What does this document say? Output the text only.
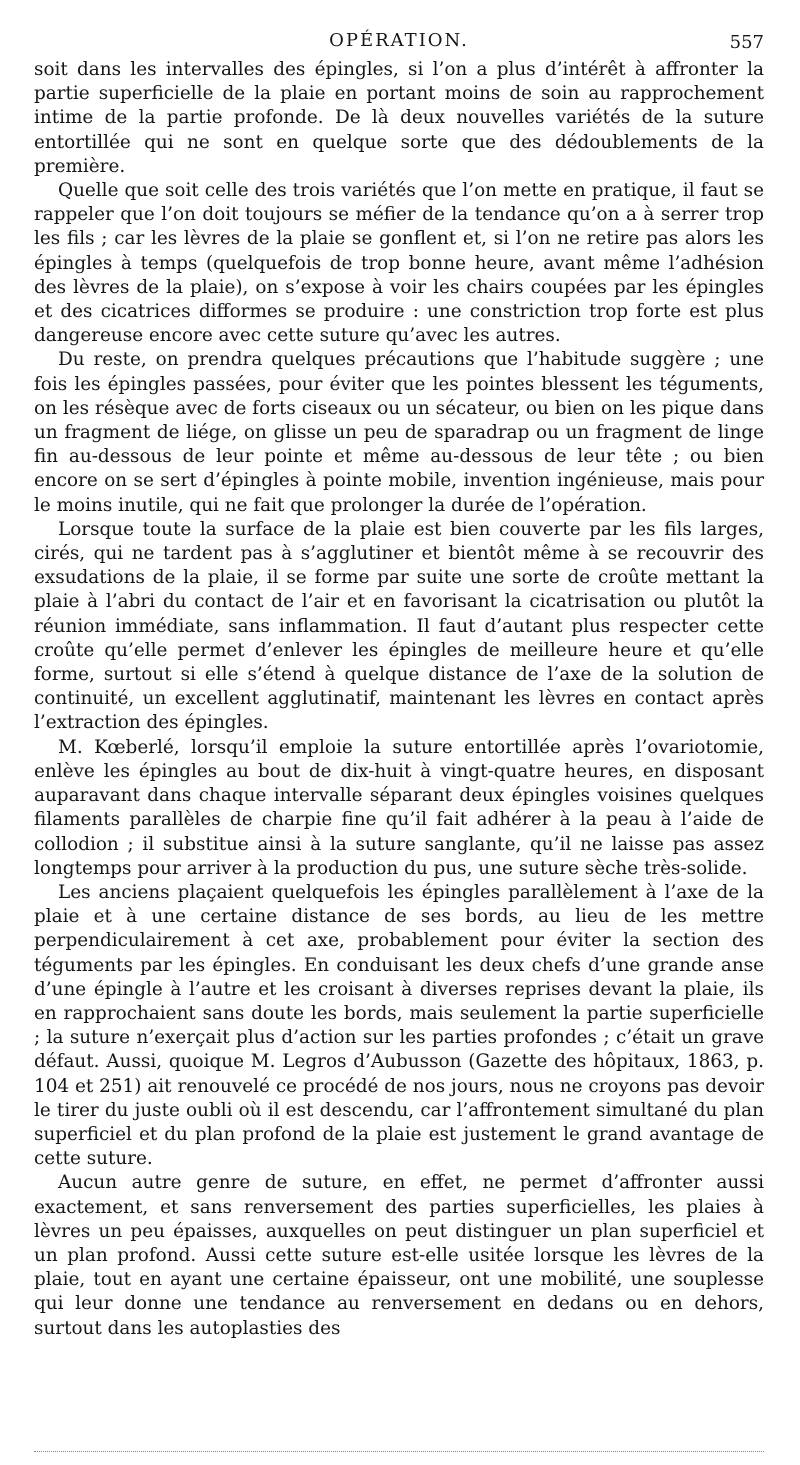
OPÉRATION.	557

soit dans les intervalles des épingles, si l’on a plus d’intérêt à affronter la partie superficielle de la plaie en portant moins de soin au rapprochement intime de la partie profonde. De là deux nouvelles variétés de la suture entortillée qui ne sont en quelque sorte que des dédoublements de la première.

Quelle que soit celle des trois variétés que l’on mette en pratique, il faut se rappeler que l’on doit toujours se méfier de la tendance qu’on a à serrer trop les fils ; car les lèvres de la plaie se gonflent et, si l’on ne retire pas alors les épingles à temps (quelquefois de trop bonne heure, avant même l’adhésion des lèvres de la plaie), on s’expose à voir les chairs coupées par les épingles et des cicatrices difformes se produire : une constriction trop forte est plus dangereuse encore avec cette suture qu’avec les autres.

Du reste, on prendra quelques précautions que l’habitude suggère ; une fois les épingles passées, pour éviter que les pointes blessent les téguments, on les résèque avec de forts ciseaux ou un sécateur, ou bien on les pique dans un fragment de liége, on glisse un peu de sparadrap ou un fragment de linge fin au-dessous de leur pointe et même au-dessous de leur tête ; ou bien encore on se sert d’épingles à pointe mobile, invention ingénieuse, mais pour le moins inutile, qui ne fait que prolonger la durée de l’opération.

Lorsque toute la surface de la plaie est bien couverte par les fils larges, cirés, qui ne tardent pas à s’agglutiner et bientôt même à se recouvrir des exsudations de la plaie, il se forme par suite une sorte de croûte mettant la plaie à l’abri du contact de l’air et en favorisant la cicatrisation ou plutôt la réunion immédiate, sans inflammation. Il faut d’autant plus respecter cette croûte qu’elle permet d’enlever les épingles de meilleure heure et qu’elle forme, surtout si elle s’étend à quelque distance de l’axe de la solution de continuité, un excellent agglutinatif, maintenant les lèvres en contact après l’extraction des épingles.

M. Kœberlé, lorsqu’il emploie la suture entortillée après l’ovariotomie, enlève les épingles au bout de dix-huit à vingt-quatre heures, en disposant auparavant dans chaque intervalle séparant deux épingles voisines quelques filaments parallèles de charpie fine qu’il fait adhérer à la peau à l’aide de collodion ; il substitue ainsi à la suture sanglante, qu’il ne laisse pas assez longtemps pour arriver à la production du pus, une suture sèche très-solide.

Les anciens plaçaient quelquefois les épingles parallèlement à l’axe de la plaie et à une certaine distance de ses bords, au lieu de les mettre perpendiculairement à cet axe, probablement pour éviter la section des téguments par les épingles. En conduisant les deux chefs d’une grande anse d’une épingle à l’autre et les croisant à diverses reprises devant la plaie, ils en rapprochaient sans doute les bords, mais seulement la partie superficielle ; la suture n’exerçait plus d’action sur les parties profondes ; c’était un grave défaut. Aussi, quoique M. Legros d’Aubusson (Gazette des hôpitaux, 1863, p. 104 et 251) ait renouvelé ce procédé de nos jours, nous ne croyons pas devoir le tirer du juste oubli où il est descendu, car l’affrontement simultané du plan superficiel et du plan profond de la plaie est justement le grand avantage de cette suture.

Aucun autre genre de suture, en effet, ne permet d’affronter aussi exactement, et sans renversement des parties superficielles, les plaies à lèvres un peu épaisses, auxquelles on peut distinguer un plan superficiel et un plan profond. Aussi cette suture est-elle usitée lorsque les lèvres de la plaie, tout en ayant une certaine épaisseur, ont une mobilité, une souplesse qui leur donne une tendance au renversement en dedans ou en dehors, surtout dans les autoplasties des
